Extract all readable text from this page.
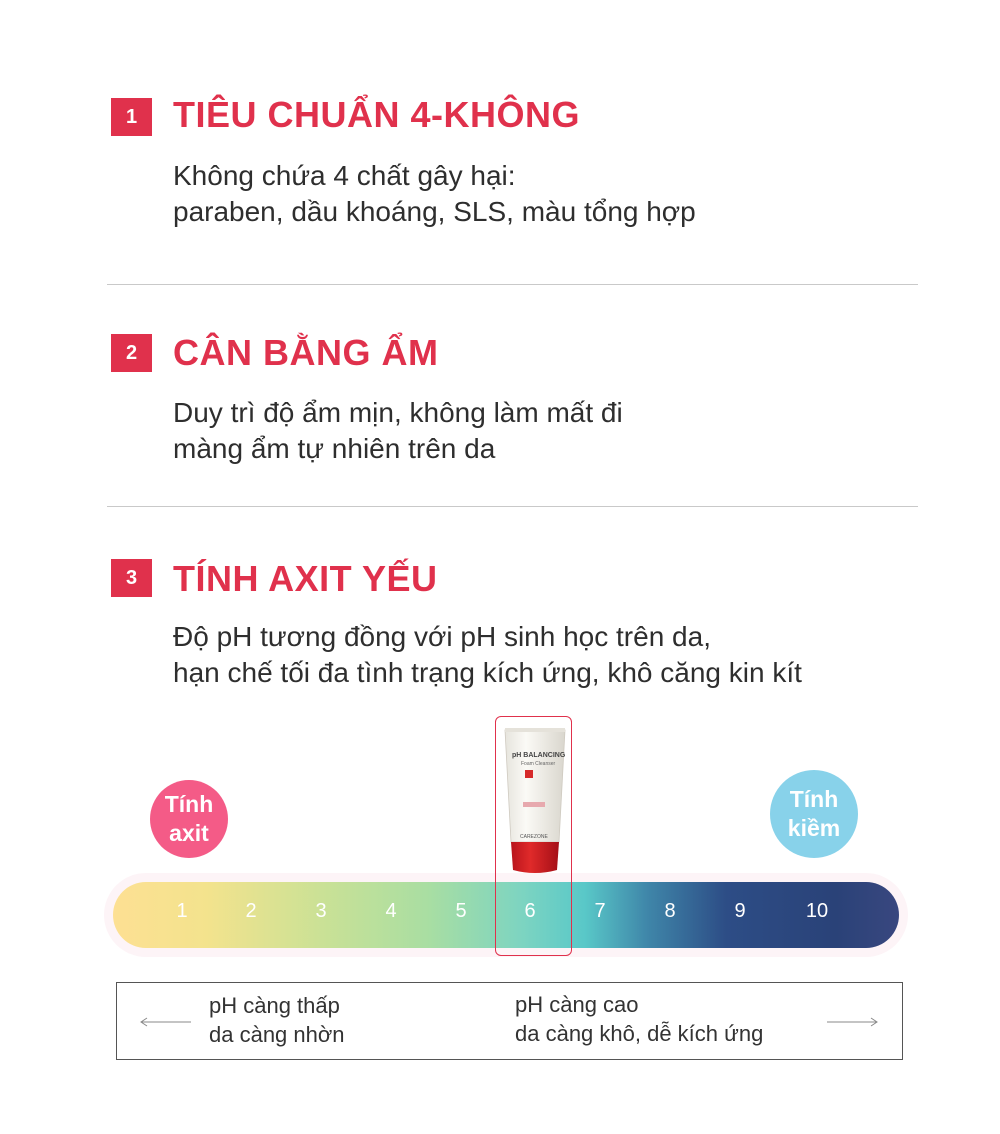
1 TIÊU CHUẨN 4-KHÔNG
Không chứa 4 chất gây hại:
paraben, dầu khoáng, SLS, màu tổng hợp
2 CÂN BẰNG ẨM
Duy trì độ ẩm mịn, không làm mất đi
màng ẩm tự nhiên trên da
3 TÍNH AXIT YẾU
Độ pH tương đồng với pH sinh học trên da,
hạn chế tối đa tình trạng kích ứng, khô căng kin kít
Tính
axit
Tính
kiềm
1	2	3	4	5	6	7	8	9	10
pH BALANCING
Foam Cleanser
CAREZONE
pH càng thấp
da càng nhờn
pH càng cao
da càng khô, dễ kích ứng
